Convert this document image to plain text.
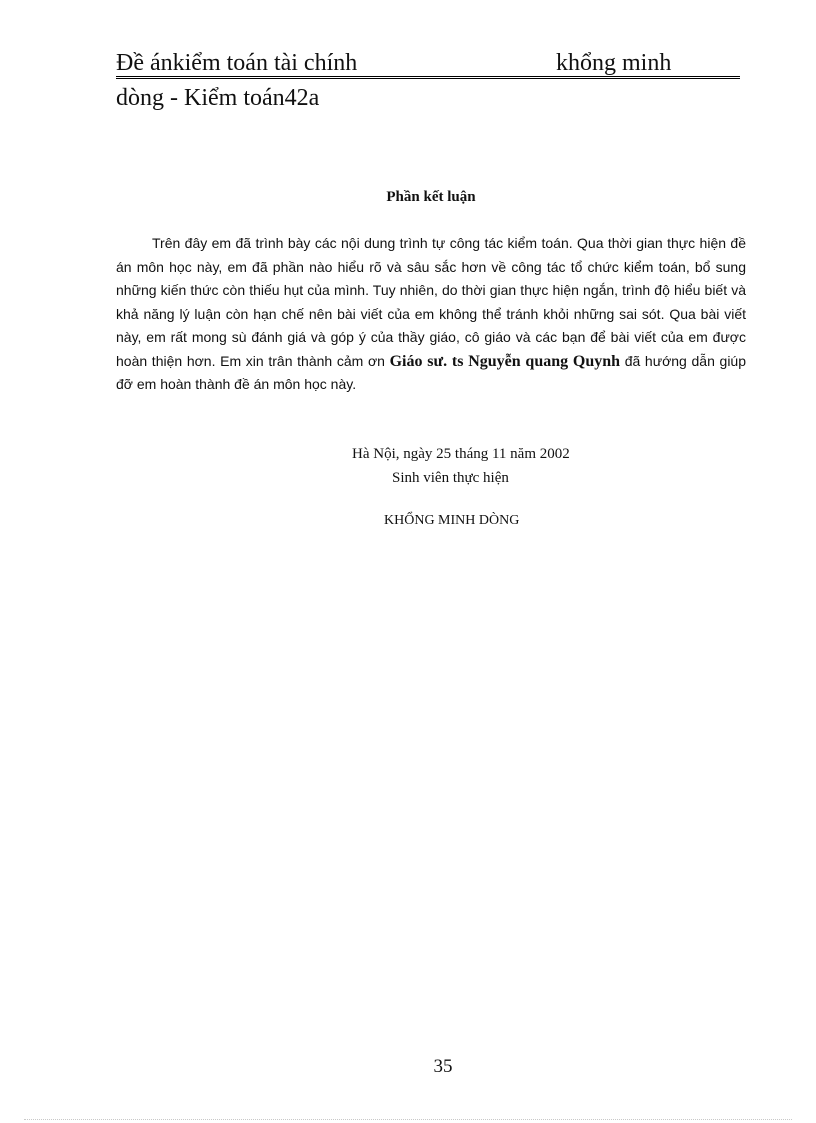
Đề ánkiểm toán tài chính	khổng minh
dòng - Kiểm toán42a
Phần kết luận

Trên đây em đã trình bày các nội dung trình tự công tác kiểm toán. Qua thời gian thực hiện đề án môn học này, em đã phần nào hiểu rõ và sâu sắc hơn về công tác tổ chức kiểm toán, bổ sung những kiến thức còn thiếu hụt của mình. Tuy nhiên, do thời gian thực hiện ngắn, trình độ hiểu biết và khả năng lý luận còn hạn chế nên bài viết của em không thể tránh khỏi những sai sót. Qua bài viết này, em rất mong sù đánh giá và góp ý của thầy giáo, cô giáo và các bạn để bài viết của em được hoàn thiện hơn. Em xin trân thành cảm ơn Giáo sư. ts Nguyễn quang Quynh đã hướng dẫn giúp đỡ em hoàn thành đề án môn học này.

Hà Nội, ngày 25 tháng 11 năm 2002
Sinh viên thực hiện
KHỔNG MINH DÒNG
35
